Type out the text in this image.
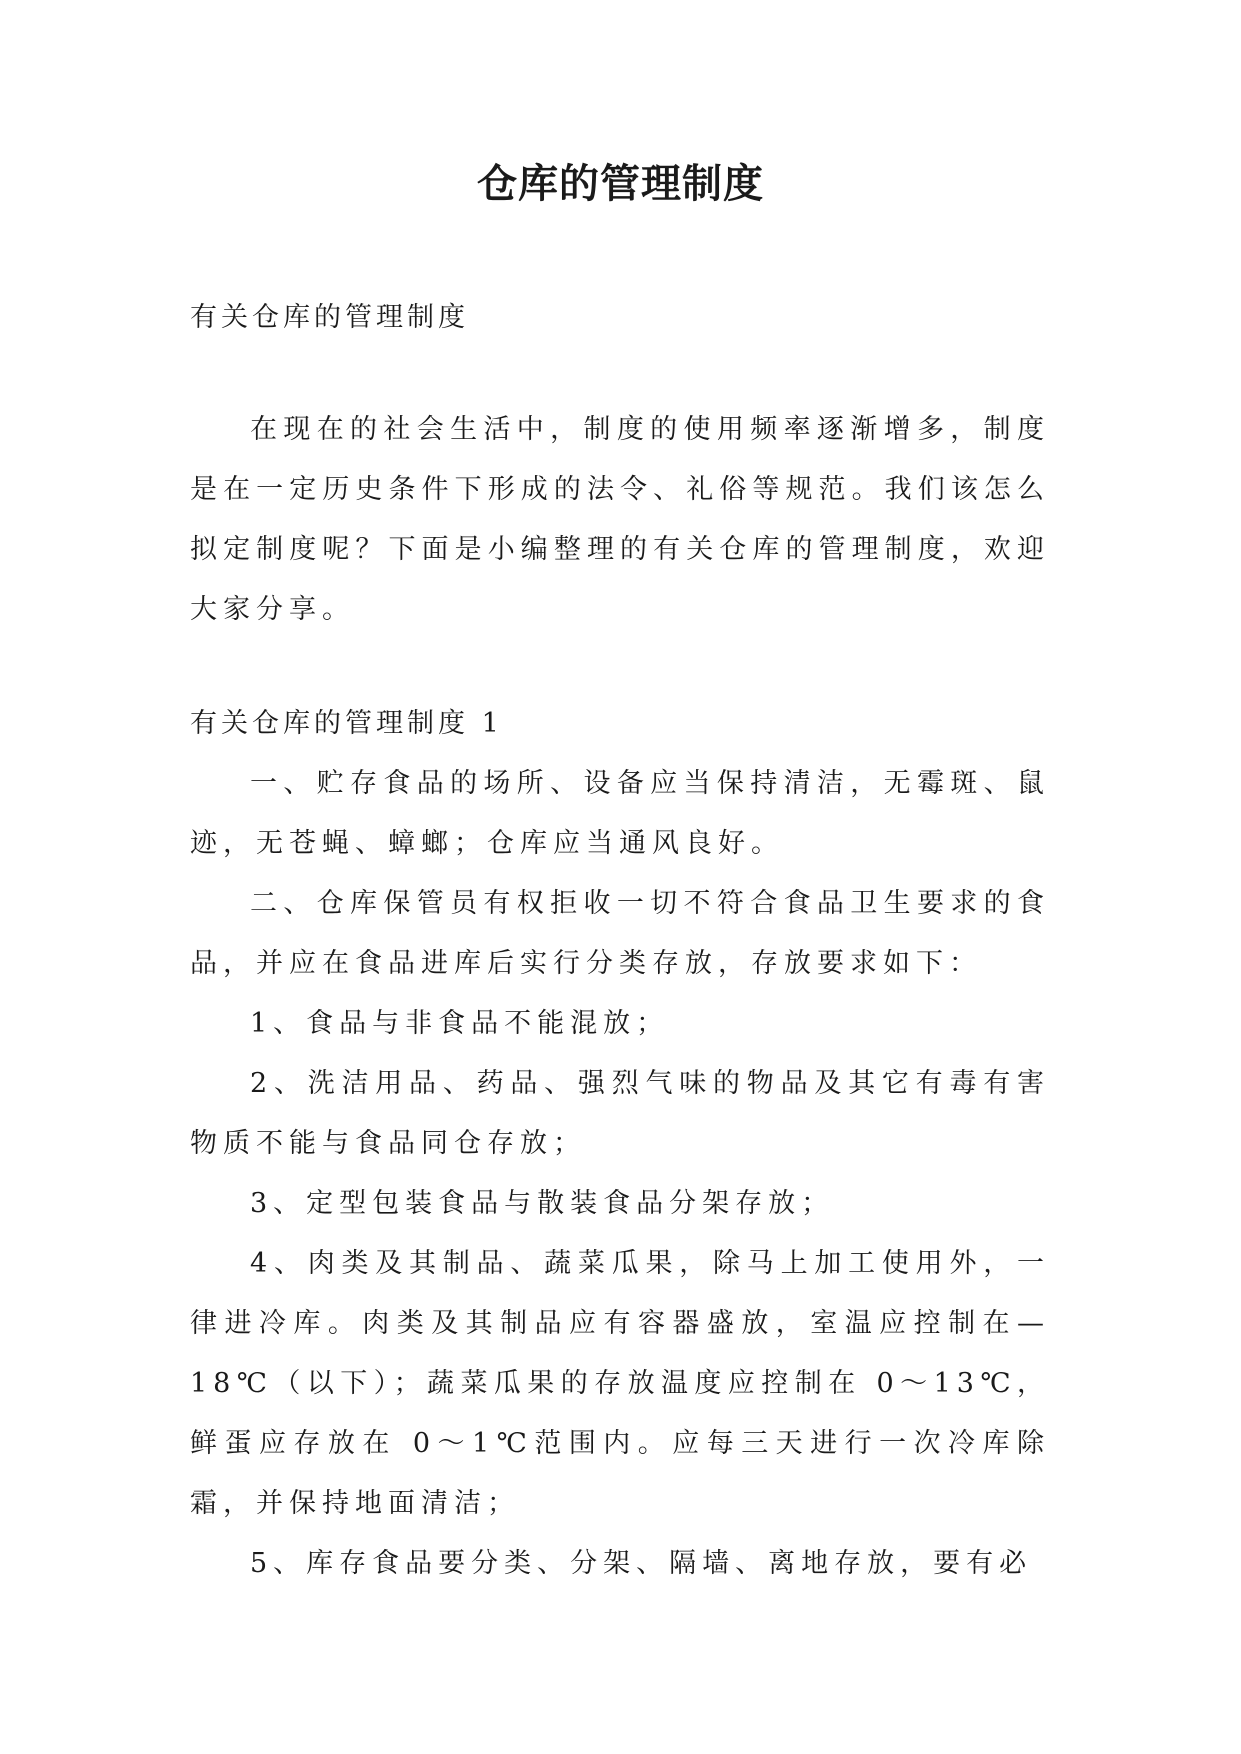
仓库的管理制度

有关仓库的管理制度

在现在的社会生活中，制度的使用频率逐渐增多，制度是在一定历史条件下形成的法令、礼俗等规范。我们该怎么拟定制度呢？下面是小编整理的有关仓库的管理制度，欢迎大家分享。

有关仓库的管理制度 1

一、贮存食品的场所、设备应当保持清洁，无霉斑、鼠迹，无苍蝇、蟑螂；仓库应当通风良好。

二、仓库保管员有权拒收一切不符合食品卫生要求的食品，并应在食品进库后实行分类存放，存放要求如下：

1、食品与非食品不能混放；

2、洗洁用品、药品、强烈气味的物品及其它有毒有害物质不能与食品同仓存放；

3、定型包装食品与散装食品分架存放；

4、肉类及其制品、蔬菜瓜果，除马上加工使用外，一律进冷库。肉类及其制品应有容器盛放，室温应控制在—18℃（以下）；蔬菜瓜果的存放温度应控制在 0～13℃，鲜蛋应存放在 0～1℃范围内。应每三天进行一次冷库除霜，并保持地面清洁；

5、库存食品要分类、分架、隔墙、离地存放，要有必
